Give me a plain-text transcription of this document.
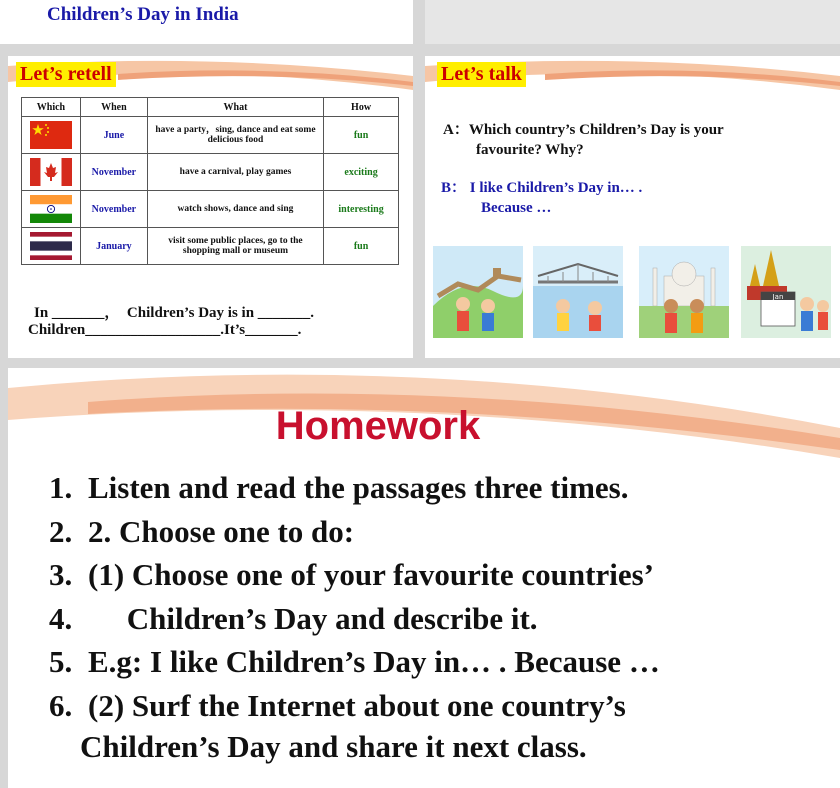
Children’s Day in India
Let’s retell
Which	When	What	How

	June	have a party，sing, dance and eat some delicious food	fun

	November	have a carnival, play games	exciting

	November	watch shows, dance and sing	interesting

	January	visit some public places, go to the shopping mall or museum	fun
In _______，  Children’s Day is in _______.
Children__________________.It’s_______.
Let’s talk
A：Which country’s Children’s Day is your
favourite? Why?
B： I like Children’s Day in… .
Because …
Jan
Homework
1. Listen and read the passages three times.
2. 2. Choose one to do:
3. (1) Choose one of your favourite countries’
4.      Children’s Day and describe it.
5. E.g: I like Children’s Day in… . Because …
6. (2) Surf the Internet about one country’s
Children’s Day and share it next class.
